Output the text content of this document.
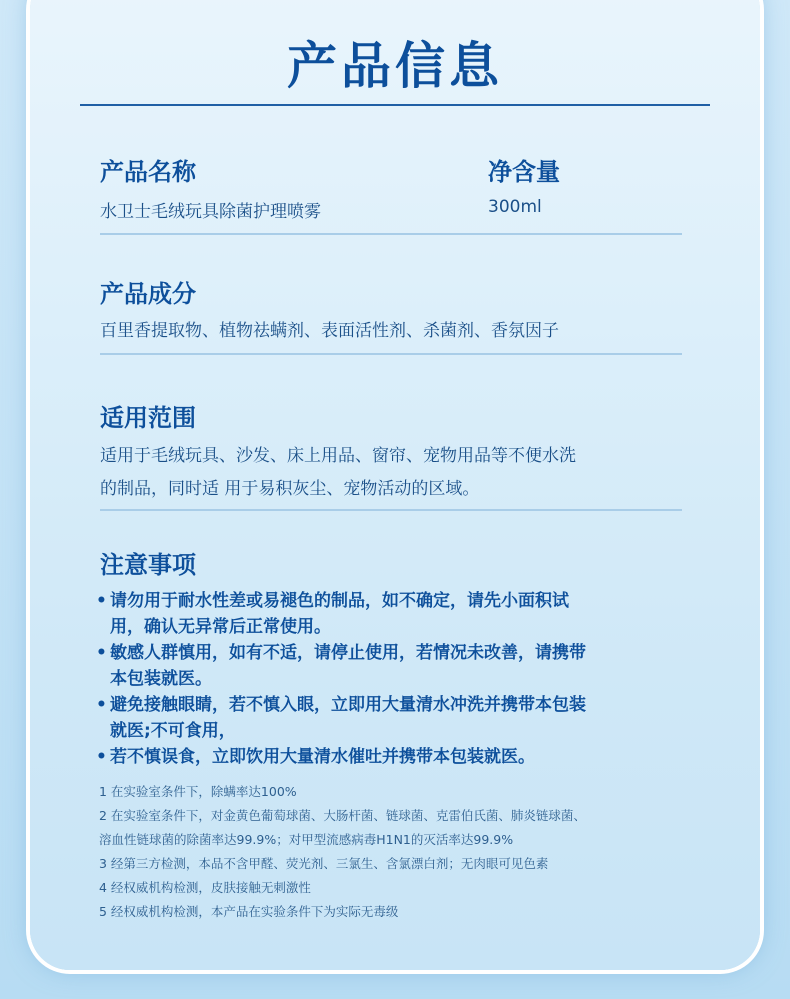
产品信息
产品名称
水卫士毛绒玩具除菌护理喷雾
净含量
300ml
产品成分
百里香提取物、植物祛螨剂、表面活性剂、杀菌剂、香氛因子
适用范围
适用于毛绒玩具、沙发、床上用品、窗帘、宠物用品等不便水洗
的制品，同时适 用于易积灰尘、宠物活动的区域。
注意事项
• 请勿用于耐水性差或易褪色的制品，如不确定，请先小面积试
用，确认无异常后正常使用。
• 敏感人群慎用，如有不适，请停止使用，若情况未改善，请携带
本包装就医。
• 避免接触眼睛，若不慎入眼，立即用大量清水冲洗并携带本包装
就医;不可食用，
• 若不慎误食，立即饮用大量清水催吐并携带本包装就医。
1 在实验室条件下，除螨率达100%
2 在实验室条件下，对金黄色葡萄球菌、大肠杆菌、链球菌、克雷伯氏菌、肺炎链球菌、
溶血性链球菌的除菌率达99.9%；对甲型流感病毒H1N1的灭活率达99.9%
3 经第三方检测，本品不含甲醛、荧光剂、三氯生、含氯漂白剂；无肉眼可见色素
4 经权威机构检测，皮肤接触无刺激性
5 经权威机构检测，本产品在实验条件下为实际无毒级
